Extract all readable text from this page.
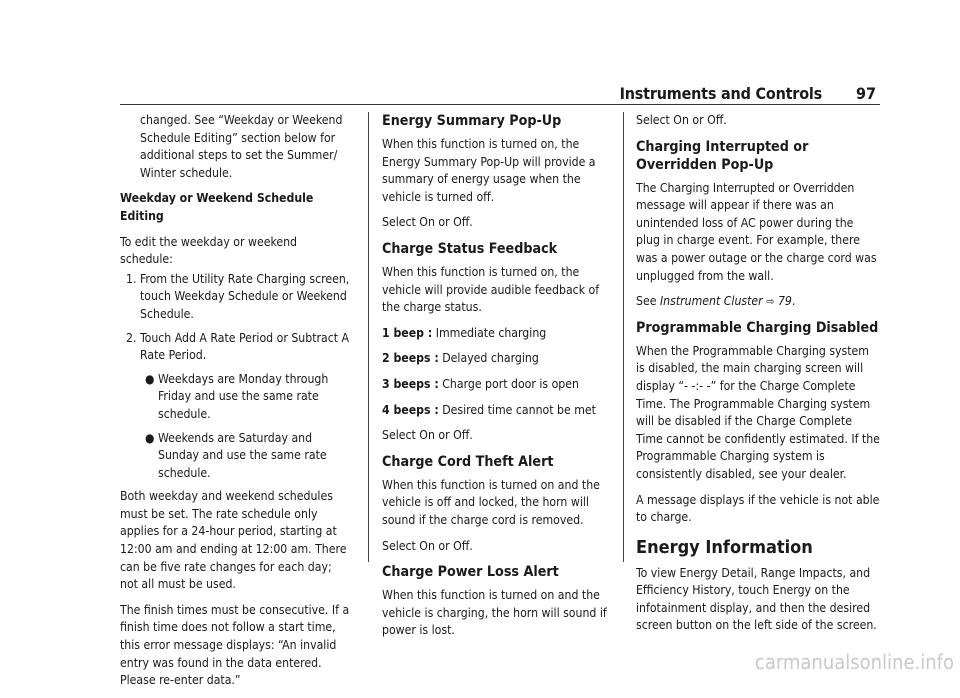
Instruments and Controls 97

changed. See “Weekday or Weekend Schedule Editing” section below for additional steps to set the Summer/ Winter schedule.

Weekday or Weekend Schedule Editing

To edit the weekday or weekend schedule:

1. From the Utility Rate Charging screen, touch Weekday Schedule or Weekend Schedule.
2. Touch Add A Rate Period or Subtract A Rate Period.
● Weekdays are Monday through Friday and use the same rate schedule.
● Weekends are Saturday and Sunday and use the same rate schedule.

Both weekday and weekend schedules must be set. The rate schedule only applies for a 24-hour period, starting at 12:00 am and ending at 12:00 am. There can be five rate changes for each day; not all must be used.

The finish times must be consecutive. If a finish time does not follow a start time, this error message displays: “An invalid entry was found in the data entered. Please re-enter data.”

Energy Summary Pop-Up

When this function is turned on, the Energy Summary Pop-Up will provide a summary of energy usage when the vehicle is turned off.

Select On or Off.

Charge Status Feedback

When this function is turned on, the vehicle will provide audible feedback of the charge status.

1 beep : Immediate charging

2 beeps : Delayed charging

3 beeps : Charge port door is open

4 beeps : Desired time cannot be met

Select On or Off.

Charge Cord Theft Alert

When this function is turned on and the vehicle is off and locked, the horn will sound if the charge cord is removed.

Select On or Off.

Charge Power Loss Alert

When this function is turned on and the vehicle is charging, the horn will sound if power is lost.

Select On or Off.

Charging Interrupted or Overridden Pop-Up

The Charging Interrupted or Overridden message will appear if there was an unintended loss of AC power during the plug in charge event. For example, there was a power outage or the charge cord was unplugged from the wall.

See Instrument Cluster ⇨ 79.

Programmable Charging Disabled

When the Programmable Charging system is disabled, the main charging screen will display “- -:- -” for the Charge Complete Time. The Programmable Charging system will be disabled if the Charge Complete Time cannot be confidently estimated. If the Programmable Charging system is consistently disabled, see your dealer.

A message displays if the vehicle is not able to charge.

Energy Information

To view Energy Detail, Range Impacts, and Efficiency History, touch Energy on the infotainment display, and then the desired screen button on the left side of the screen.

carmanualsonline.info
